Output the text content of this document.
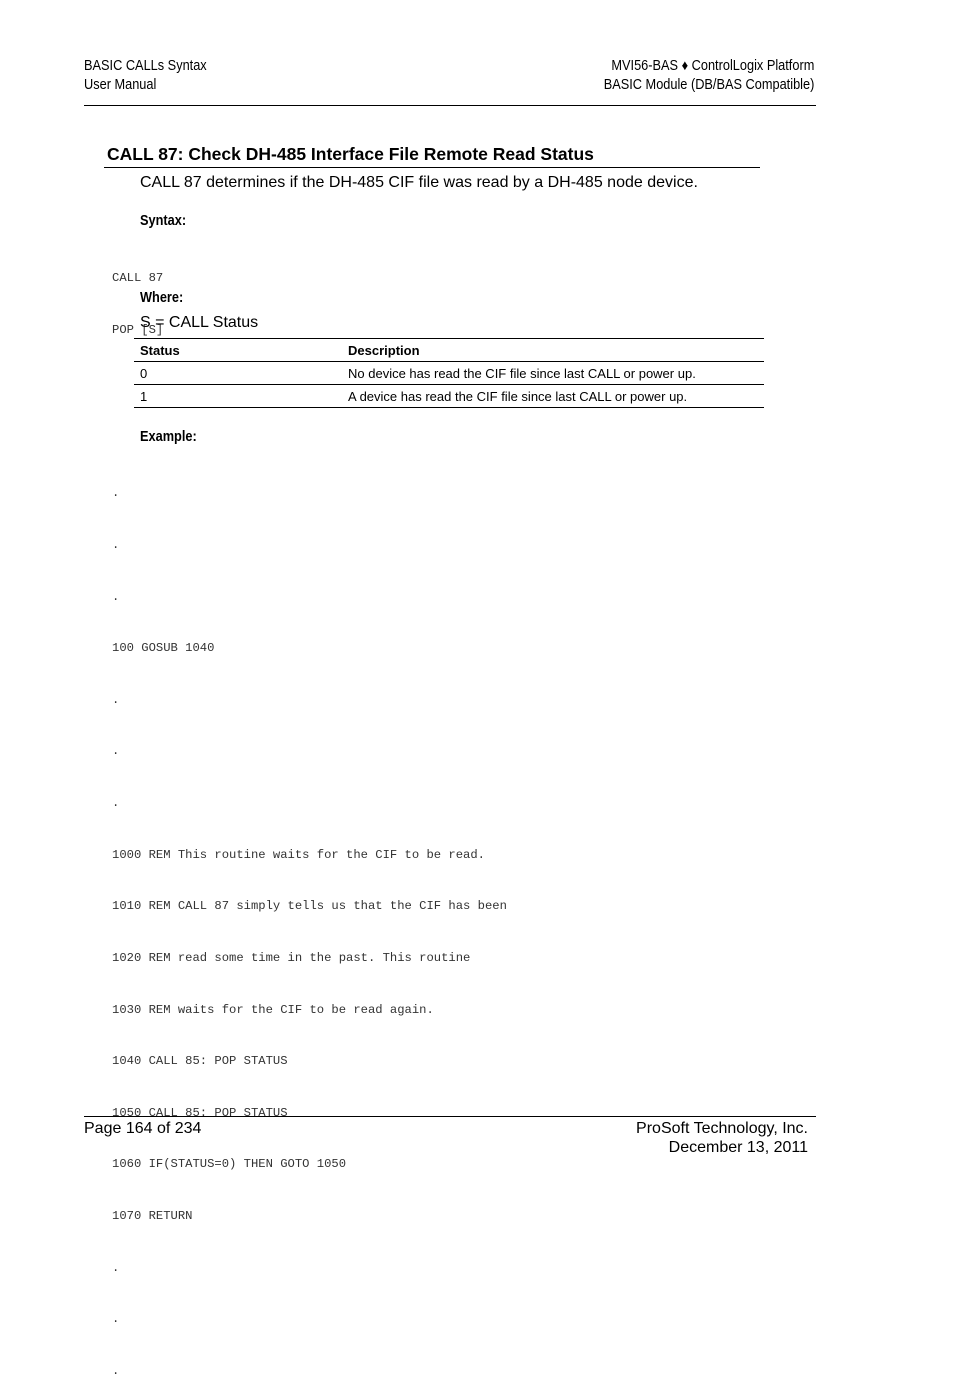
BASIC CALLs Syntax
User Manual
MVI56-BAS ♦ ControlLogix Platform
BASIC Module (DB/BAS Compatible)
CALL 87: Check DH-485 Interface File Remote Read Status
CALL 87 determines if the DH-485 CIF file was read by a DH-485 node device.
Syntax:

CALL 87

POP [S]

Where:
S = CALL Status
Status	Description
0	No device has read the CIF file since last CALL or power up.
1	A device has read the CIF file since last CALL or power up.
Example:

.

.

.

100 GOSUB 1040

.

.

.

1000 REM This routine waits for the CIF to be read.

1010 REM CALL 87 simply tells us that the CIF has been

1020 REM read some time in the past. This routine

1030 REM waits for the CIF to be read again.

1040 CALL 85: POP STATUS

1050 CALL 85: POP STATUS

1060 IF(STATUS=0) THEN GOTO 1050

1070 RETURN

.

.

.

Page 164 of 234	ProSoft Technology, Inc.
December 13, 2011
